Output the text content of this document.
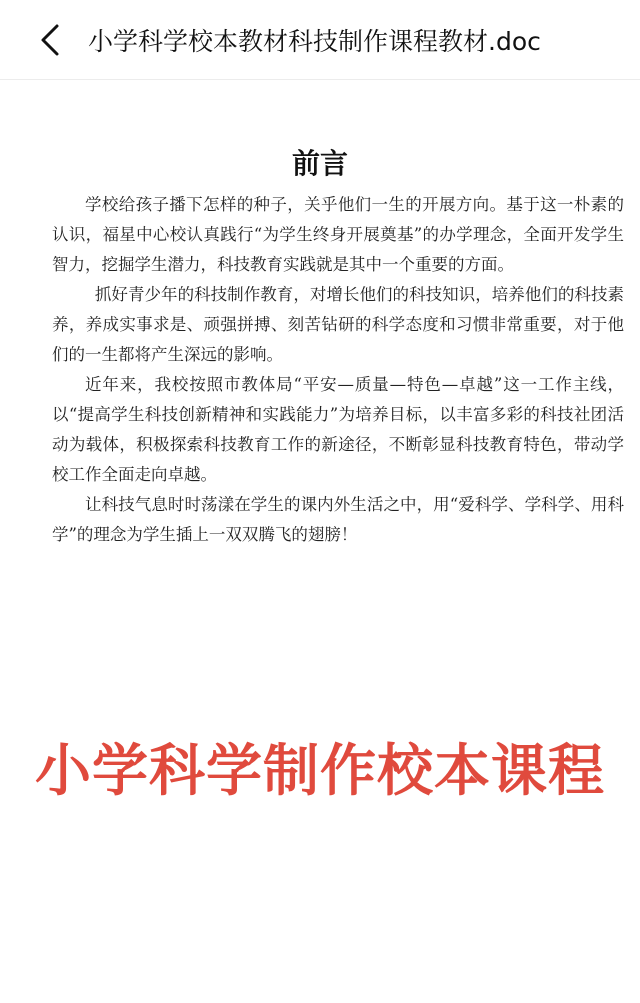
小学科学校本教材科技制作课程教材.doc
前言

学校给孩子播下怎样的种子，关乎他们一生的开展方向。基于这一朴素的认识，福星中心校认真践行“为学生终身开展奠基”的办学理念，全面开发学生智力，挖掘学生潜力，科技教育实践就是其中一个重要的方面。

抓好青少年的科技制作教育，对增长他们的科技知识，培养他们的科技素养，养成实事求是、顽强拼搏、刻苦钻研的科学态度和习惯非常重要，对于他们的一生都将产生深远的影响。

近年来，我校按照市教体局“平安—质量—特色—卓越”这一工作主线，以“提高学生科技创新精神和实践能力”为培养目标，以丰富多彩的科技社团活动为载体，积极探索科技教育工作的新途径，不断彰显科技教育特色，带动学校工作全面走向卓越。

让科技气息时时荡漾在学生的课内外生活之中，用“爱科学、学科学、用科学”的理念为学生插上一双双腾飞的翅膀！

小学科学制作校本课程
